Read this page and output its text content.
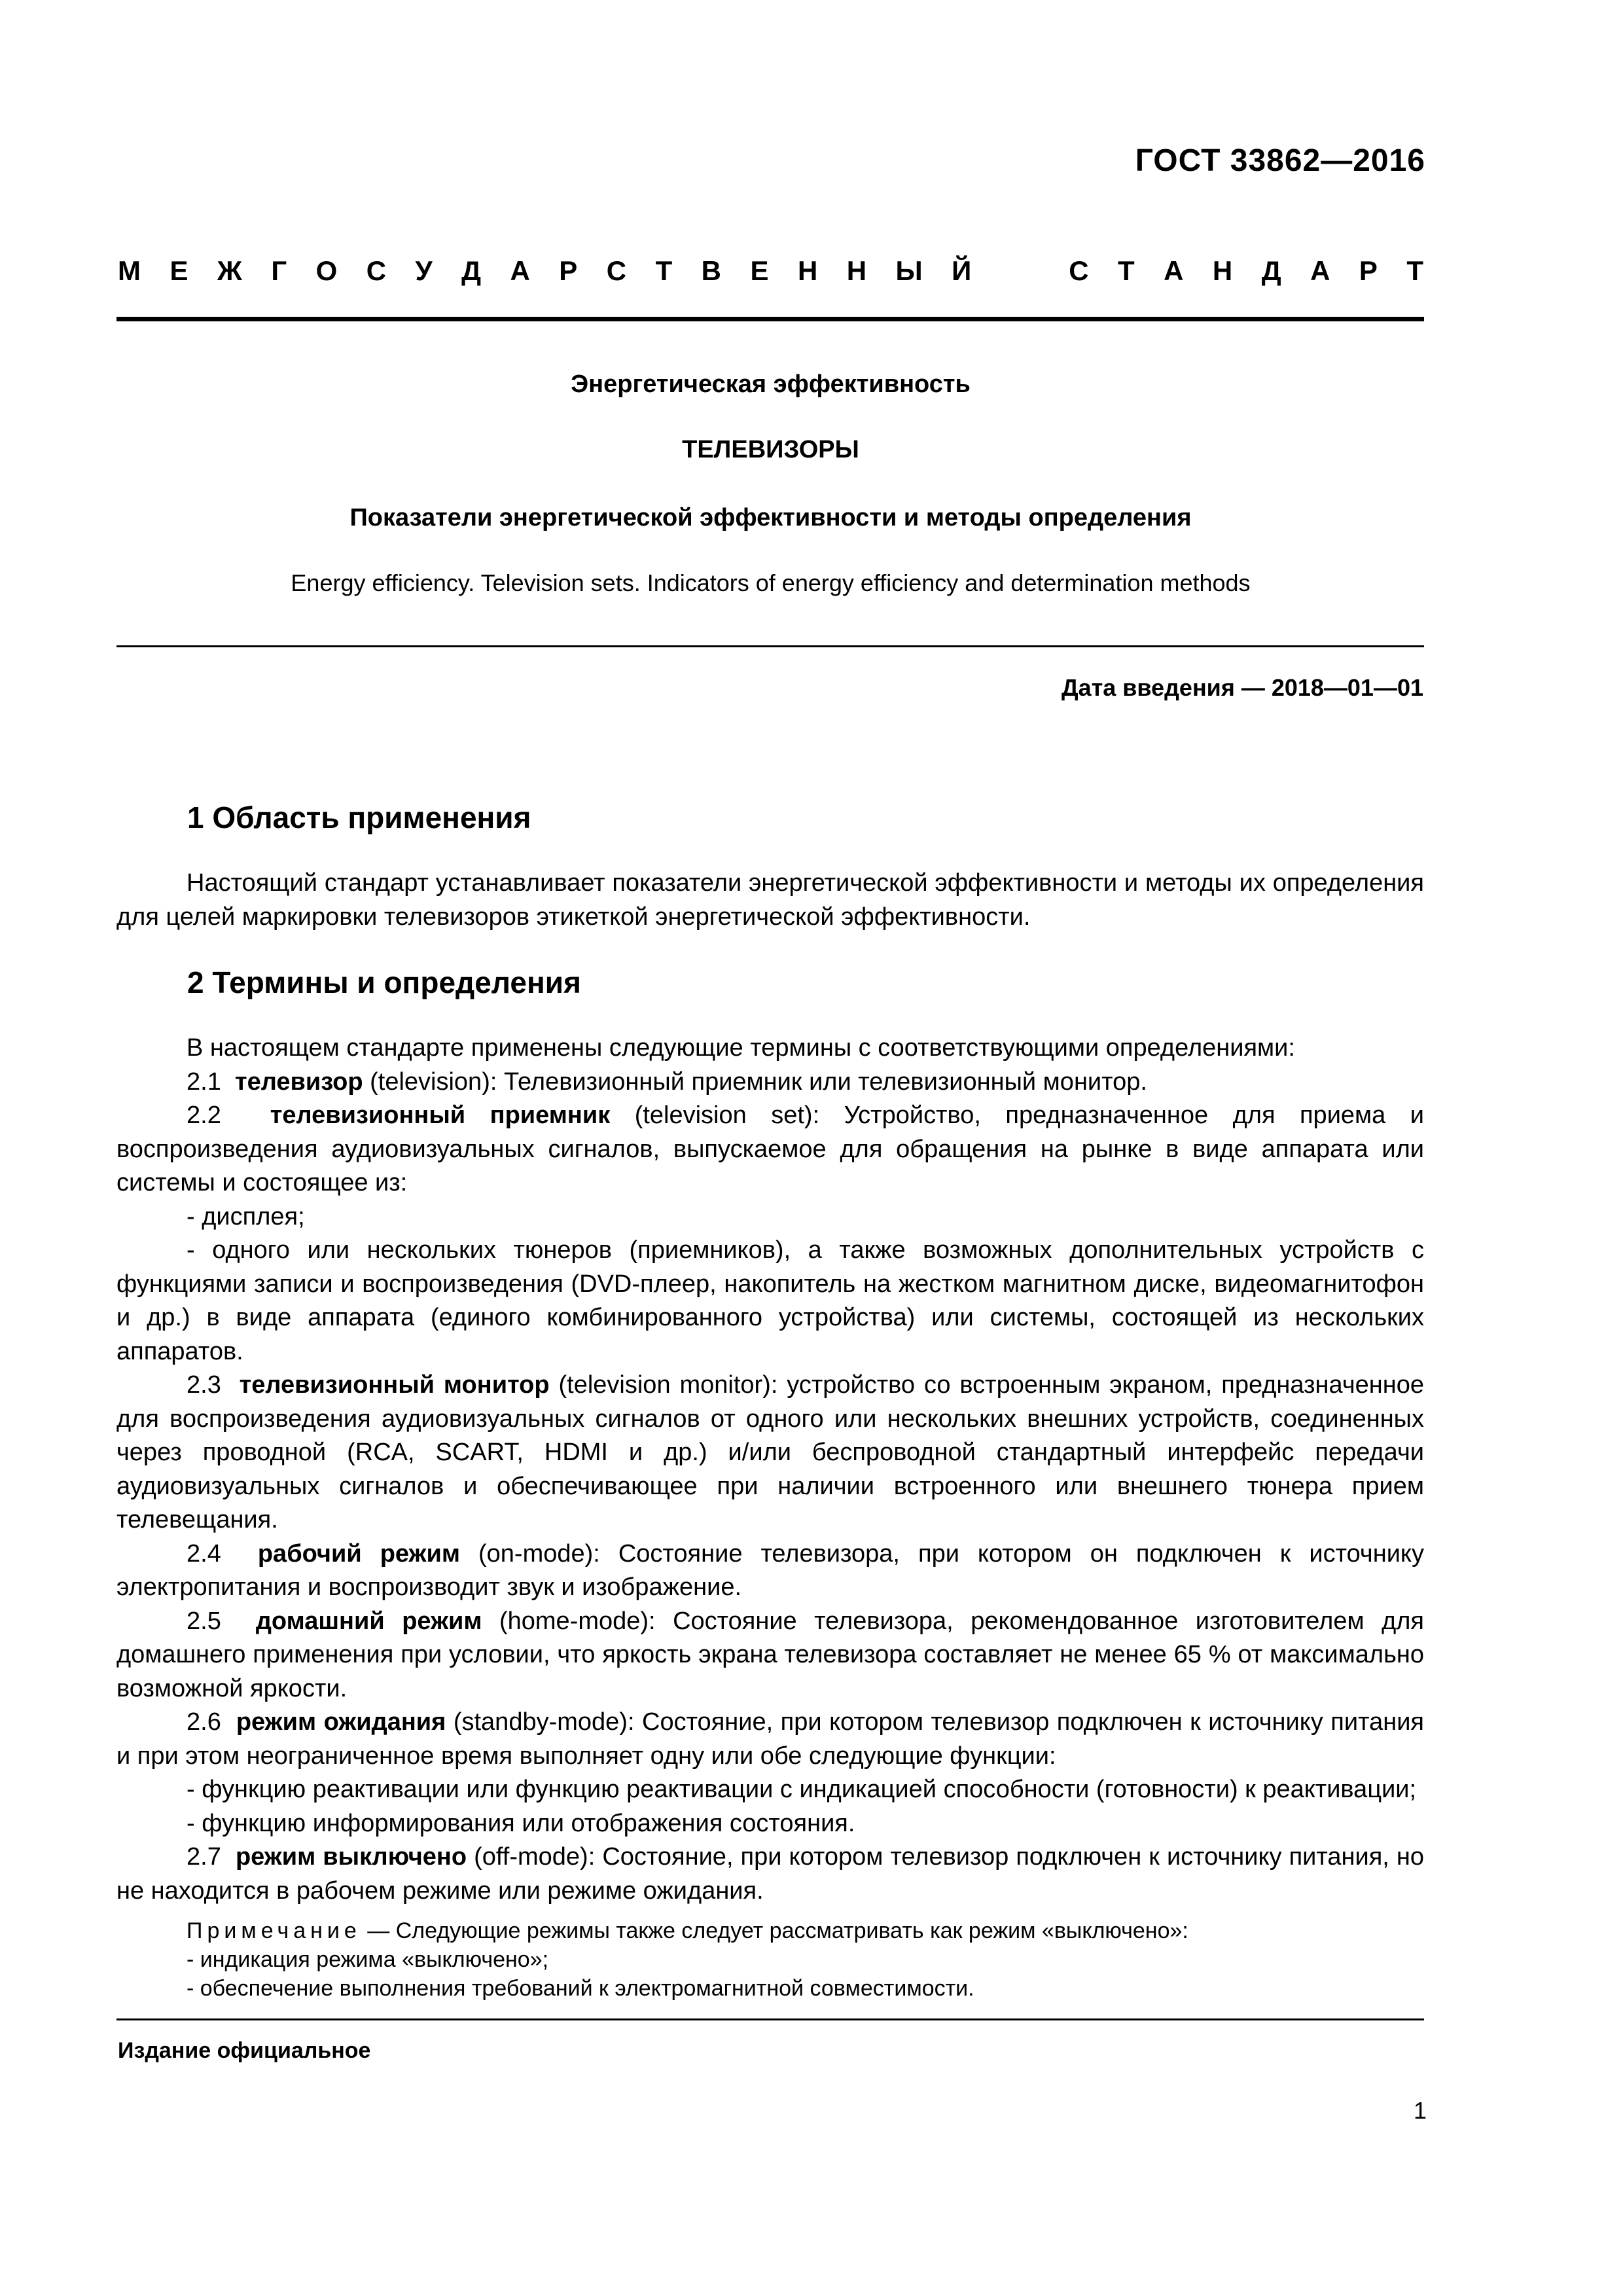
ГОСТ 33862—2016
М Е Ж Г О С У Д А Р С Т В Е Н Н Ы Й	С Т А Н Д А Р Т
Энергетическая эффективность
ТЕЛЕВИЗОРЫ
Показатели энергетической эффективности и методы определения
Energy efficiency. Television sets. Indicators of energy efficiency and determination methods
Дата введения — 2018—01—01
1 Область применения

Настоящий стандарт устанавливает показатели энергетической эффективности и методы их определения для целей маркировки телевизоров этикеткой энергетической эффективности.

2 Термины и определения

В настоящем стандарте применены следующие термины с соответствующими определениями:

2.1 телевизор (television): Телевизионный приемник или телевизионный монитор.

2.2 телевизионный приемник (television set): Устройство, предназначенное для приема и воспроизведения аудиовизуальных сигналов, выпускаемое для обращения на рынке в виде аппарата или системы и состоящее из:

- дисплея;

- одного или нескольких тюнеров (приемников), а также возможных дополнительных устройств с функциями записи и воспроизведения (DVD-плеер, накопитель на жестком магнитном диске, видеомагнитофон и др.) в виде аппарата (единого комбинированного устройства) или системы, состоящей из нескольких аппаратов.

2.3 телевизионный монитор (television monitor): устройство со встроенным экраном, предназначенное для воспроизведения аудиовизуальных сигналов от одного или нескольких внешних устройств, соединенных через проводной (RCA, SCART, HDMI и др.) и/или беспроводной стандартный интерфейс передачи аудиовизуальных сигналов и обеспечивающее при наличии встроенного или внешнего тюнера прием телевещания.

2.4 рабочий режим (on-mode): Состояние телевизора, при котором он подключен к источнику электропитания и воспроизводит звук и изображение.

2.5 домашний режим (home-mode): Состояние телевизора, рекомендованное изготовителем для домашнего применения при условии, что яркость экрана телевизора составляет не менее 65 % от максимально возможной яркости.

2.6 режим ожидания (standby-mode): Состояние, при котором телевизор подключен к источнику питания и при этом неограниченное время выполняет одну или обе следующие функции:

- функцию реактивации или функцию реактивации с индикацией способности (готовности) к реактивации;

- функцию информирования или отображения состояния.

2.7 режим выключено (off-mode): Состояние, при котором телевизор подключен к источнику питания, но не находится в рабочем режиме или режиме ожидания.

Примечание — Следующие режимы также следует рассматривать как режим «выключено»:

- индикация режима «выключено»;

- обеспечение выполнения требований к электромагнитной совместимости.

Издание официальное
1
